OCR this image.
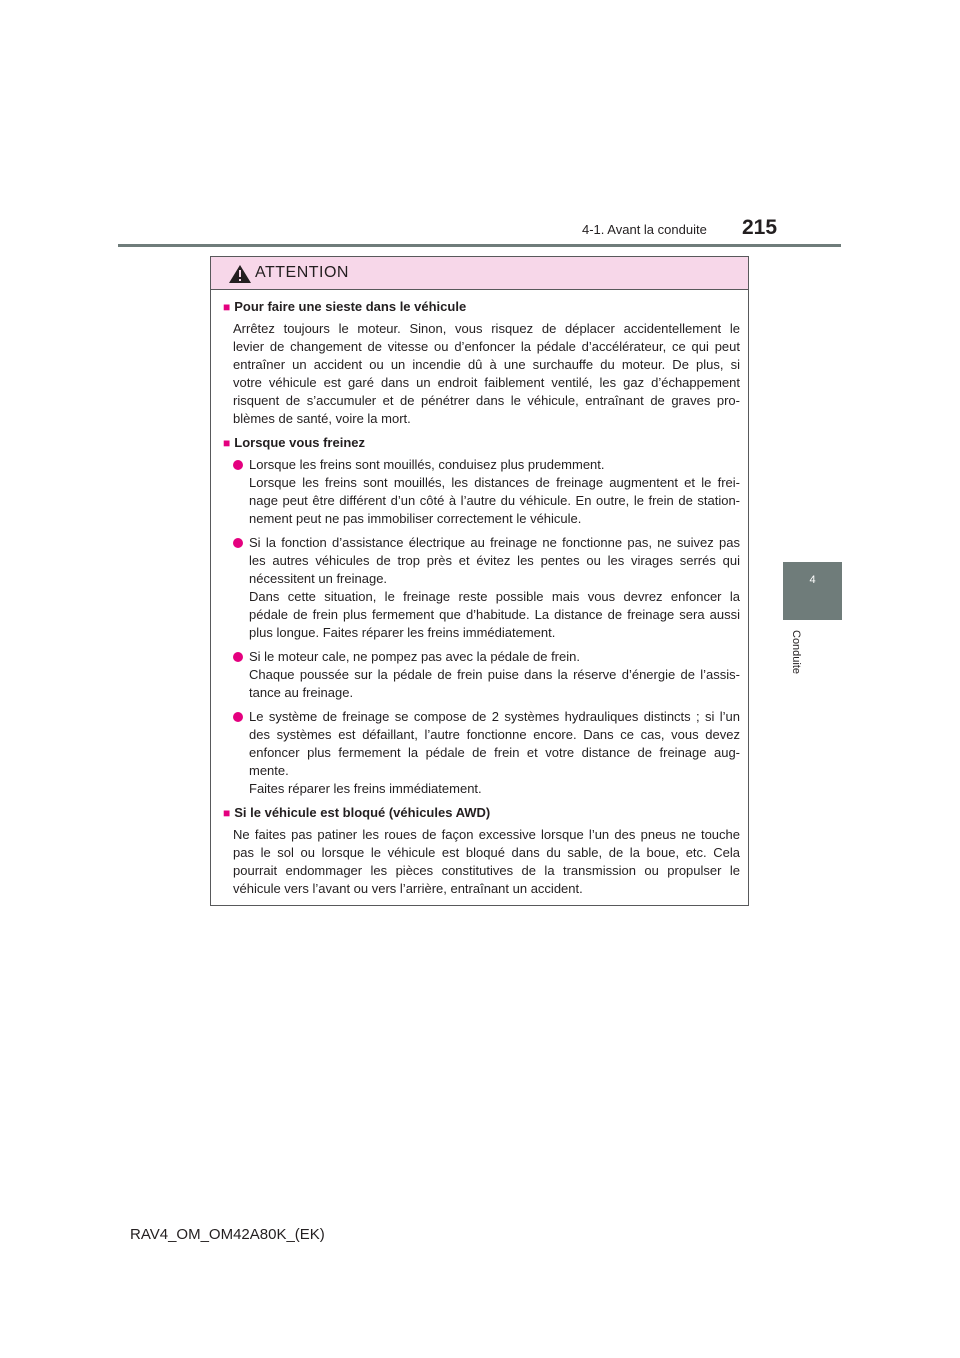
215
4-1. Avant la conduite
4
Conduite
ATTENTION
■ Pour faire une sieste dans le véhicule
Arrêtez toujours le moteur. Sinon, vous risquez de déplacer accidentellement le
levier de changement de vitesse ou d’enfoncer la pédale d’accélérateur, ce qui peut
entraîner un accident ou un incendie dû à une surchauffe du moteur. De plus, si
votre véhicule est garé dans un endroit faiblement ventilé, les gaz d’échappement
risquent de s’accumuler et de pénétrer dans le véhicule, entraînant de graves pro-
blèmes de santé, voire la mort.
■ Lorsque vous freinez
Lorsque les freins sont mouillés, conduisez plus prudemment.
Lorsque les freins sont mouillés, les distances de freinage augmentent et le frei-
nage peut être différent d’un côté à l’autre du véhicule. En outre, le frein de station-
nement peut ne pas immobiliser correctement le véhicule.
Si la fonction d’assistance électrique au freinage ne fonctionne pas, ne suivez pas
les autres véhicules de trop près et évitez les pentes ou les virages serrés qui
nécessitent un freinage.
Dans cette situation, le freinage reste possible mais vous devrez enfoncer la
pédale de frein plus fermement que d’habitude. La distance de freinage sera aussi
plus longue. Faites réparer les freins immédiatement.
Si le moteur cale, ne pompez pas avec la pédale de frein.
Chaque poussée sur la pédale de frein puise dans la réserve d’énergie de l’assis-
tance au freinage.
Le système de freinage se compose de 2 systèmes hydrauliques distincts ; si l’un
des systèmes est défaillant, l’autre fonctionne encore. Dans ce cas, vous devez
enfoncer plus fermement la pédale de frein et votre distance de freinage aug-
mente.
Faites réparer les freins immédiatement.
■ Si le véhicule est bloqué (véhicules AWD)
Ne faites pas patiner les roues de façon excessive lorsque l’un des pneus ne touche
pas le sol ou lorsque le véhicule est bloqué dans du sable, de la boue, etc. Cela
pourrait endommager les pièces constitutives de la transmission ou propulser le
véhicule vers l’avant ou vers l’arrière, entraînant un accident.
RAV4_OM_OM42A80K_(EK)
